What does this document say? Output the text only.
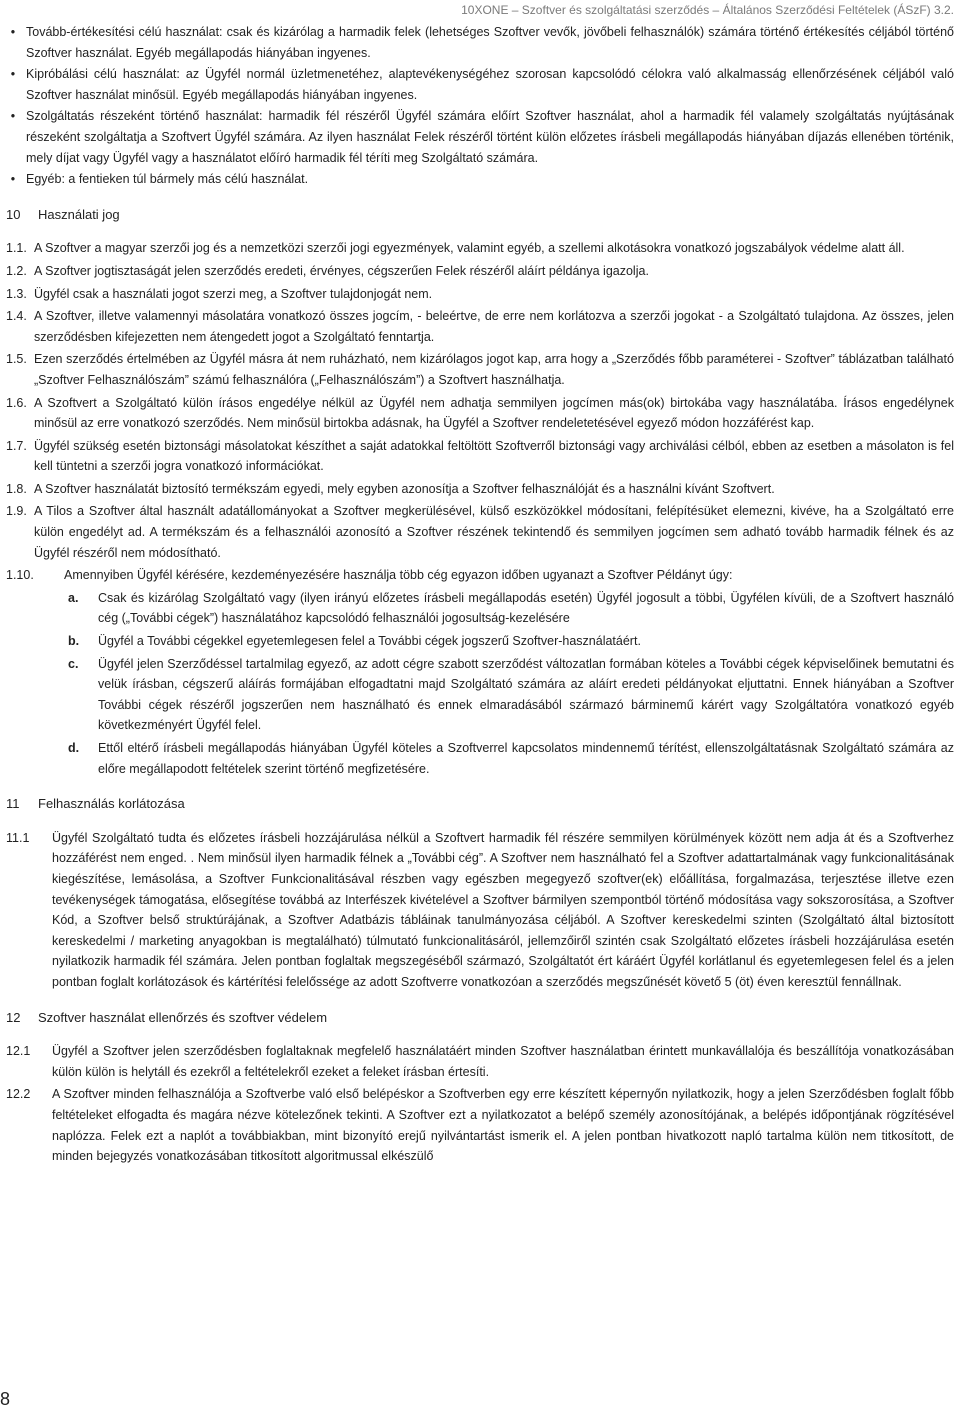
10XONE – Szoftver és szolgáltatási szerződés – Általános Szerződési Feltételek (ÁSzF) 3.2.
• Tovább-értékesítési célú használat: csak és kizárólag a harmadik felek (lehetséges Szoftver vevők, jövőbeli felhasználók) számára történő értékesítés céljából történő Szoftver használat. Egyéb megállapodás hiányában ingyenes.
• Kipróbálási célú használat: az Ügyfél normál üzletmenetéhez, alaptevékenységéhez szorosan kapcsolódó célokra való alkalmasság ellenőrzésének céljából való Szoftver használat minősül. Egyéb megállapodás hiányában ingyenes.
• Szolgáltatás részeként történő használat: harmadik fél részéről Ügyfél számára előírt Szoftver használat, ahol a harmadik fél valamely szolgáltatás nyújtásának részeként szolgáltatja a Szoftvert Ügyfél számára. Az ilyen használat Felek részéről történt külön előzetes írásbeli megállapodás hiányában díjazás ellenében történik, mely díjat vagy Ügyfél vagy a használatot előíró harmadik fél téríti meg Szolgáltató számára.
• Egyéb: a fentieken túl bármely más célú használat.
10	Használati jog
1.1. A Szoftver a magyar szerzői jog és a nemzetközi szerzői jogi egyezmények, valamint egyéb, a szellemi alkotásokra vonatkozó jogszabályok védelme alatt áll.
1.2. A Szoftver jogtisztaságát jelen szerződés eredeti, érvényes, cégszerűen Felek részéről aláírt példánya igazolja.
1.3. Ügyfél csak a használati jogot szerzi meg, a Szoftver tulajdonjogát nem.
1.4. A Szoftver, illetve valamennyi másolatára vonatkozó összes jogcím, - beleértve, de erre nem korlátozva a szerzői jogokat - a Szolgáltató tulajdona. Az összes, jelen szerződésben kifejezetten nem átengedett jogot a Szolgáltató fenntartja.
1.5. Ezen szerződés értelmében az Ügyfél másra át nem ruházható, nem kizárólagos jogot kap, arra hogy a „Szerződés főbb paraméterei - Szoftver” táblázatban található „Szoftver Felhasználószám” számú felhasználóra („Felhasználószám”) a Szoftvert használhatja.
1.6. A Szoftvert a Szolgáltató külön írásos engedélye nélkül az Ügyfél nem adhatja semmilyen jogcímen más(ok) birtokába vagy használatába. Írásos engedélynek minősül az erre vonatkozó szerződés. Nem minősül birtokba adásnak, ha Ügyfél a Szoftver rendeletetésével egyező módon hozzáférést kap.
1.7. Ügyfél szükség esetén biztonsági másolatokat készíthet a saját adatokkal feltöltött Szoftverről biztonsági vagy archiválási célból, ebben az esetben a másolaton is fel kell tüntetni a szerzői jogra vonatkozó információkat.
1.8. A Szoftver használatát biztosító termékszám egyedi, mely egyben azonosítja a Szoftver felhasználóját és a használni kívánt Szoftvert.
1.9. A Tilos a Szoftver által használt adatállományokat a Szoftver megkerülésével, külső eszközökkel módosítani, felépítésüket elemezni, kivéve, ha a Szolgáltató erre külön engedélyt ad. A termékszám és a felhasználói azonosító a Szoftver részének tekintendő és semmilyen jogcímen sem adható tovább harmadik félnek és az Ügyfél részéről nem módosítható.
1.10.	Amennyiben Ügyfél kérésére, kezdeményezésére használja több cég egyazon időben ugyanazt a Szoftver Példányt úgy:
a.	Csak és kizárólag Szolgáltató vagy (ilyen irányú előzetes írásbeli megállapodás esetén) Ügyfél jogosult a többi, Ügyfélen kívüli, de a Szoftvert használó cég („További cégek”) használatához kapcsolódó felhasználói jogosultság-kezelésére
b.	Ügyfél a További cégekkel egyetemlegesen felel a További cégek jogszerű Szoftver-használatáért.
c.	Ügyfél jelen Szerződéssel tartalmilag egyező, az adott cégre szabott szerződést változatlan formában köteles a További cégek képviselőinek bemutatni és velük írásban, cégszerű aláírás formájában elfogadtatni majd Szolgáltató számára az aláírt eredeti példányokat eljuttatni. Ennek hiányában a Szoftver További cégek részéről jogszerűen nem használható és ennek elmaradásából származó bárminemű kárért vagy Szolgáltatóra vonatkozó egyéb következményért Ügyfél felel.
d.	Ettől eltérő írásbeli megállapodás hiányában Ügyfél köteles a Szoftverrel kapcsolatos mindennemű térítést, ellenszolgáltatásnak Szolgáltató számára az előre megállapodott feltételek szerint történő megfizetésére.
11	Felhasználás korlátozása
11.1	Ügyfél Szolgáltató tudta és előzetes írásbeli hozzájárulása nélkül a Szoftvert harmadik fél részére semmilyen körülmények között nem adja át és a Szoftverhez hozzáférést nem enged. . Nem minősül ilyen harmadik félnek a „További cég”. A Szoftver nem használható fel a Szoftver adattartalmának vagy funkcionalitásának kiegészítése, lemásolása, a Szoftver Funkcionalitásával részben vagy egészben megegyező szoftver(ek) előállítása, forgalmazása, terjesztése illetve ezen tevékenységek támogatása, elősegítése továbbá az Interfészek kivételével a Szoftver bármilyen szempontból történő módosítása vagy sokszorosítása, a Szoftver Kód, a Szoftver belső struktúrájának, a Szoftver Adatbázis tábláinak tanulmányozása céljából. A Szoftver kereskedelmi szinten (Szolgáltató által biztosított kereskedelmi / marketing anyagokban is megtalálható) túlmutató funkcionalitásáról, jellemzőiről szintén csak Szolgáltató előzetes írásbeli hozzájárulása esetén nyilatkozik harmadik fél számára. Jelen pontban foglaltak megszegéséből származó, Szolgáltatót ért káráért Ügyfél korlátlanul és egyetemlegesen felel és a jelen pontban foglalt korlátozások és kártérítési felelőssége az adott Szoftverre vonatkozóan a szerződés megszűnését követő 5 (öt) éven keresztül fennállnak.
12	Szoftver használat ellenőrzés és szoftver védelem
12.1	Ügyfél a Szoftver jelen szerződésben foglaltaknak megfelelő használatáért minden Szoftver használatban érintett munkavállalója és beszállítója vonatkozásában külön külön is helytáll és ezekről a feltételekről ezeket a feleket írásban értesíti.
12.2	A Szoftver minden felhasználója a Szoftverbe való első belépéskor a Szoftverben egy erre készített képernyőn nyilatkozik, hogy a jelen Szerződésben foglalt főbb feltételeket elfogadta és magára nézve kötelezőnek tekinti. A Szoftver ezt a nyilatkozatot a belépő személy azonosítójának, a belépés időpontjának rögzítésével naplózza. Felek ezt a naplót a továbbiakban, mint bizonyító erejű nyilvántartást ismerik el. A jelen pontban hivatkozott napló tartalma külön nem titkosított, de minden bejegyzés vonatkozásában titkosított algoritmussal elkészülő
8
